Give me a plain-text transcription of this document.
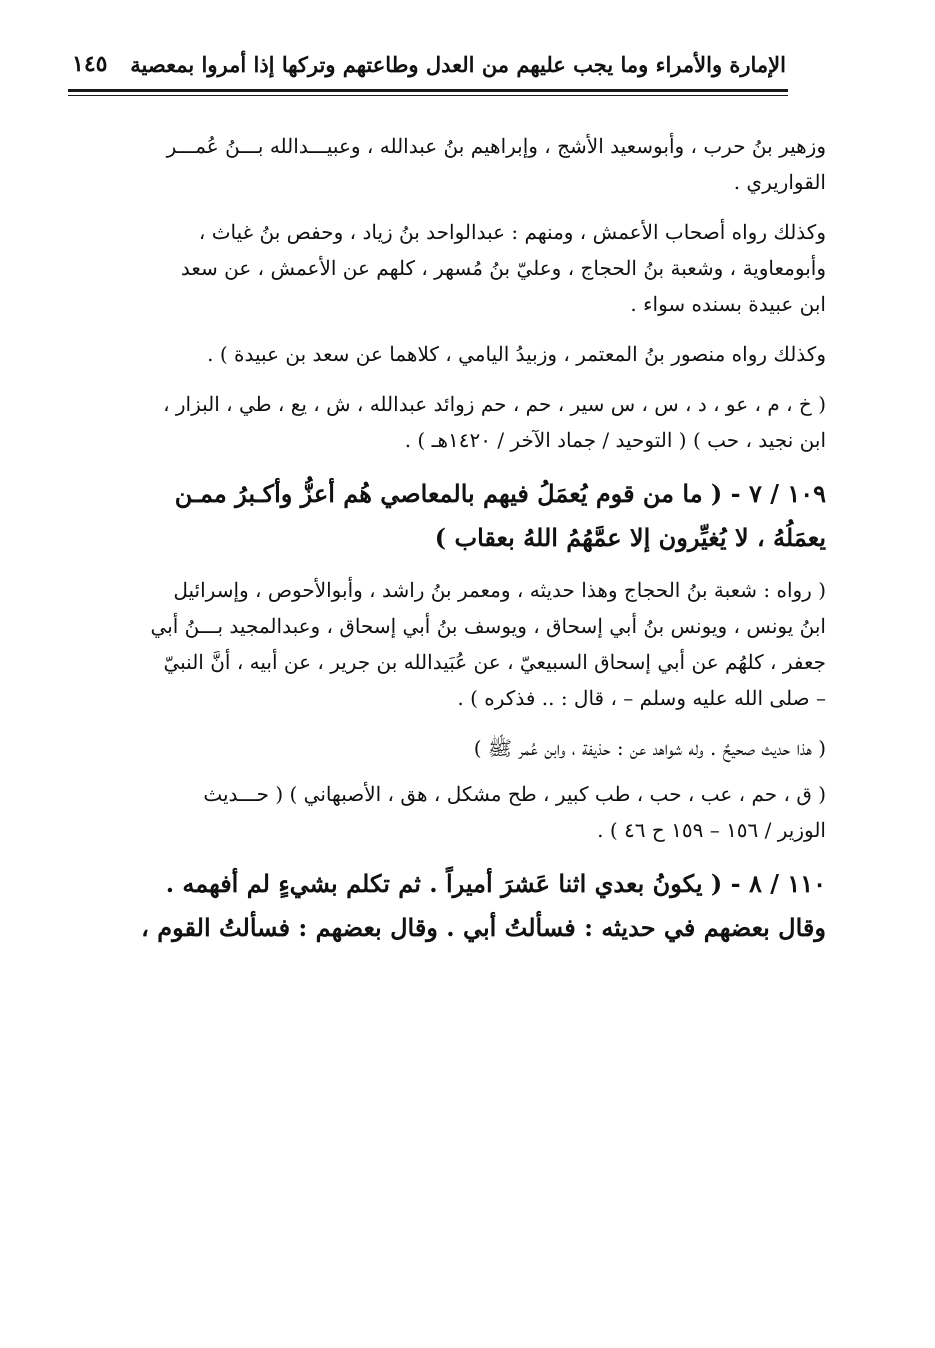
الإمارة والأمراء وما يجب عليهم من العدل وطاعتهم وتركها إذا أمروا بمعصية
١٤٥

وزهير بنُ حرب ، وأبوسعيد الأشج ، وإبراهيم بنُ عبدالله ، وعبيـــدالله بـــنُ عُمـــر
القواريري .

وكذلك رواه أصحاب الأعمش ، ومنهم : عبدالواحد بنُ زياد ، وحفص بنُ غياث ،
وأبومعاوية ، وشعبة بنُ الحجاج ، وعليّ بنُ مُسهر ، كلهم عن الأعمش ، عن سعد
ابن عبيدة بسنده سواء .

وكذلك رواه منصور بنُ المعتمر ، وزبيدُ اليامي ، كلاهما عن سعد بن عبيدة ) .

( خ ، م ، عو ، د ، س ، س سير ، حم ، حم زوائد عبدالله ، ش ، يع ، طي ، البزار ،
ابن نجيد ، حب ) ( التوحيد / جماد الآخر / ١٤٢٠هـ ) .

١٠٩ / ٧ - ( ما من قوم يُعمَلُ فيهم بالمعاصي هُم أعزُّ وأكـبرُ ممـن
يعمَلُهُ ، لا يُغيِّرون إلا عمَّهُمُ اللهُ بعقاب )

( رواه : شعبة بنُ الحجاج وهذا حديثه ، ومعمر بنُ راشد ، وأبوالأحوص ، وإسرائيل
ابنُ يونس ، ويونس بنُ أبي إسحاق ، ويوسف بنُ أبي إسحاق ، وعبدالمجيد بـــنُ أبي
جعفر ، كلهُم عن أبي إسحاق السبيعيّ ، عن عُبَيدالله بن جرير ، عن أبيه ، أنَّ النبيّ
– صلى الله عليه وسلم – ، قال : .. فذكره ) .

( هذا حديث صحيحٌ . وله شواهد عن : حذيفة ، وابن عُمر ﷺ )

( ق ، حم ، عب ، حب ، طب كبير ، طح مشكل ، هق ، الأصبهاني ) ( حـــديث
الوزير / ١٥٦ – ١٥٩ ح ٤٦ ) .

١١٠ / ٨ - ( يكونُ بعدي اثنا عَشرَ أميراً . ثم تكلم بشيءٍ لم أفهمه .
وقال بعضهم في حديثه : فسألتُ أبي . وقال بعضهم : فسألتُ القوم ،
